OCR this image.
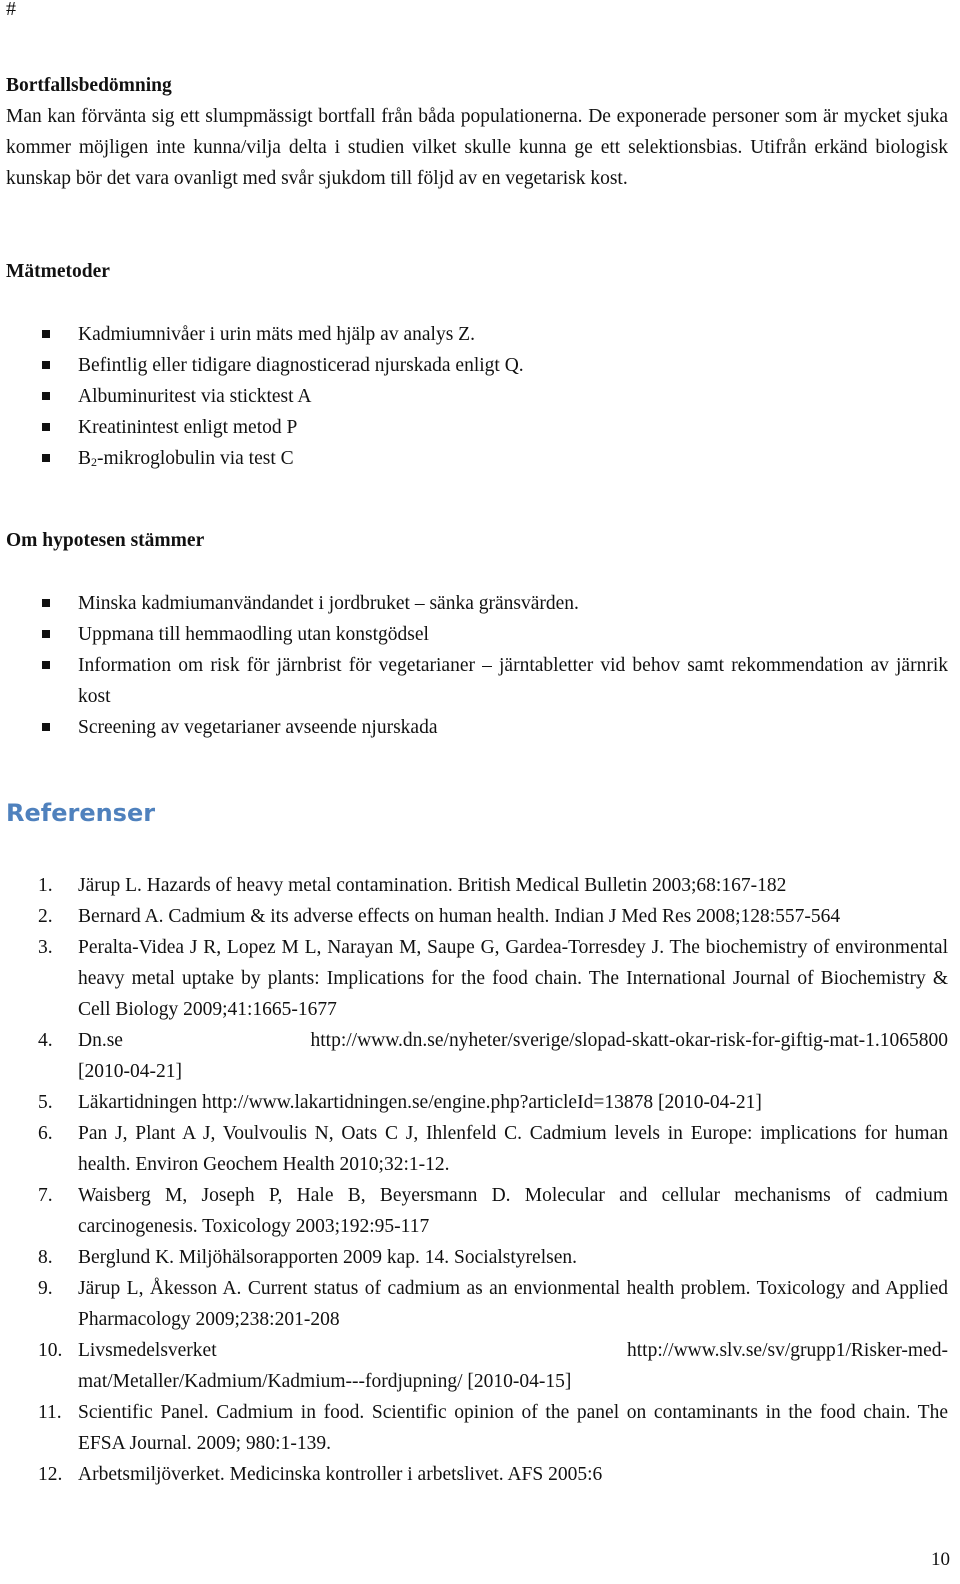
#

Bortfallsbedömning

Man kan förvänta sig ett slumpmässigt bortfall från båda populationerna. De exponerade personer som är mycket sjuka kommer möjligen inte kunna/vilja delta i studien vilket skulle kunna ge ett selektionsbias. Utifrån erkänd biologisk kunskap bör det vara ovanligt med svår sjukdom till följd av en vegetarisk kost.

Mätmetoder

Kadmiumnivåer i urin mäts med hjälp av analys Z.
Befintlig eller tidigare diagnosticerad njurskada enligt Q.
Albuminuritest via sticktest A
Kreatinintest enligt metod P
$B_2$-mikroglobulin via test C

Om hypotesen stämmer

Minska kadmiumanvändandet i jordbruket – sänka gränsvärden.
Uppmana till hemmaodling utan konstgödsel
Information om risk för järnbrist för vegetarianer – järntabletter vid behov samt rekommendation av järnrik kost
Screening av vegetarianer avseende njurskada
Referenser
1.	Järup L. Hazards of heavy metal contamination. British Medical Bulletin 2003;68:167-182
2.	Bernard A. Cadmium & its adverse effects on human health. Indian J Med Res 2008;128:557-564
3.	Peralta-Videa J R, Lopez M L, Narayan M, Saupe G, Gardea-Torresdey J. The biochemistry of environmental heavy metal uptake by plants: Implications for the food chain. The International Journal of Biochemistry & Cell Biology 2009;41:1665-1677
4.	Dn.se	http://www.dn.se/nyheter/sverige/slopad-skatt-okar-risk-for-giftig-mat-1.1065800
[2010-04-21]
5.	Läkartidningen http://www.lakartidningen.se/engine.php?articleId=13878 [2010-04-21]
6.	Pan J, Plant A J, Voulvoulis N, Oats C J, Ihlenfeld C. Cadmium levels in Europe: implications for human health. Environ Geochem Health 2010;32:1-12.
7.	Waisberg M, Joseph P, Hale B, Beyersmann D. Molecular and cellular mechanisms of cadmium carcinogenesis. Toxicology 2003;192:95-117
8.	Berglund K. Miljöhälsorapporten 2009 kap. 14. Socialstyrelsen.
9.	Järup L, Åkesson A. Current status of cadmium as an envionmental health problem. Toxicology and Applied Pharmacology 2009;238:201-208
10. Livsmedelsverket	http://www.slv.se/sv/grupp1/Risker-med-
mat/Metaller/Kadmium/Kadmium---fordjupning/ [2010-04-15]
11. Scientific Panel. Cadmium in food. Scientific opinion of the panel on contaminants in the food chain. The EFSA Journal. 2009; 980:1-139.
12. Arbetsmiljöverket. Medicinska kontroller i arbetslivet. AFS 2005:6
10
